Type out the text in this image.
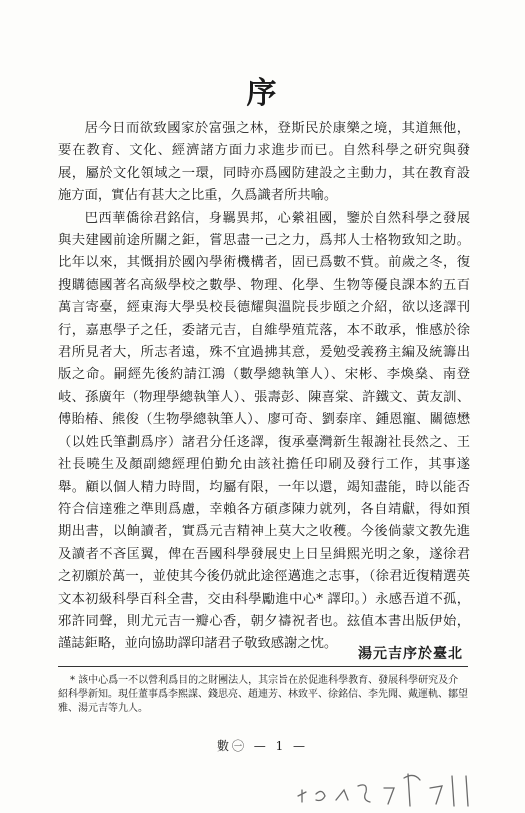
序

居今日而欲致國家於富强之林，登斯民於康樂之境，其道無他，要在教育、文化、經濟諸方面力求進步而已。自然科學之研究與發展，屬於文化領域之一環，同時亦爲國防建設之主動力，其在教育設施方面，實佔有甚大之比重，久爲識者所共喻。

巴西華僑徐君銘信，身羈異邦，心縈祖國，鑒於自然科學之發展與夫建國前途所關之鉅，嘗思盡一己之力，爲邦人士格物致知之助。比年以來，其慨捐於國內學術機構者，固已爲數不貲。前歲之冬，復搜購德國著名高級學校之數學、物理、化學、生物等優良課本約五百萬言寄臺，經東海大學吳校長德耀與溫院長步頤之介紹，欲以迻譯刊行，嘉惠學子之任，委諸元吉，自維學殖荒落，本不敢承，惟感於徐君所見者大，所志者遠，殊不宜過拂其意，爰勉受義務主編及統籌出版之命。嗣經先後約請江鴻（數學總執筆人）、宋彬、李煥燊、南登岐、孫廣年（物理學總執筆人）、張壽彭、陳喜棠、許鐵文、黃友訓、傅貽椿、熊俊（生物學總執筆人）、廖可奇、劉泰庠、鍾恩寵、關德懋（以姓氏筆劃爲序）諸君分任迻譯，復承臺灣新生報謝社長然之、王社長曉生及顏副總經理伯勤允由該社擔任印刷及發行工作，其事遂舉。顧以個人精力時間，均屬有限，一年以還，竭知盡能，時以能否符合信達雅之準則爲慮，幸賴各方碩彥陳力就列，各自靖獻，得如預期出書，以餉讀者，實爲元吉精神上莫大之收穫。今後倘蒙文教先進及讀者不吝匡翼，俾在吾國科學發展史上日呈緝熙光明之象，遂徐君之初願於萬一，並使其今後仍就此途徑邁進之志事，（徐君近復精選英文本初級科學百科全書，交由科學勵進中心* 譯印。）永感吾道不孤，邪許同聲，則尤元吉一瓣心香，朝夕禱祝者也。玆值本書出版伊始，謹誌鉅略，並向協助譯印諸君子敬致感謝之忱。

湯元吉序於臺北
* 該中心爲一不以營利爲目的之財團法人，其宗旨在於促進科學教育、發展科學研究及介紹科學新知。現任董事爲李熙謀、錢思亮、趙連芳、林致平、徐銘信、李先聞、戴運軌、鄒望雅、湯元吉等九人。
數㊀ — 1 —
